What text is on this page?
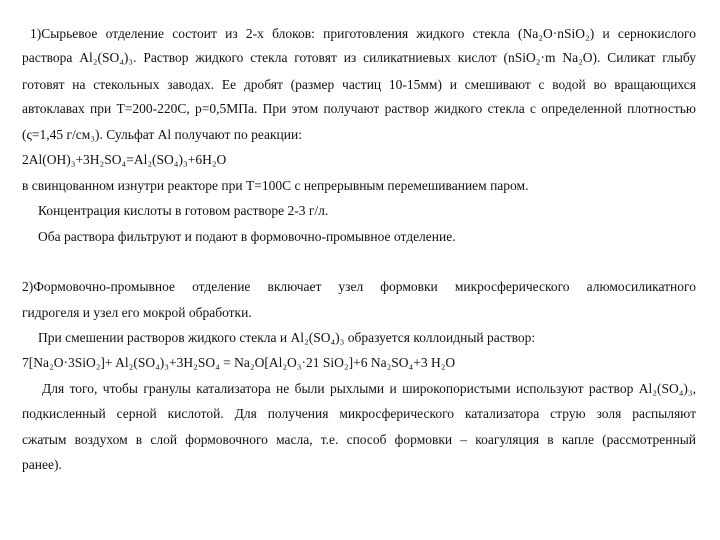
1)Сырьевое отделение состоит из 2-х блоков: приготовления жидкого стекла (Na₂O·nSiO₂) и сернокислого
раствора Al₂(SO₄)₃. Раствор жидкого стекла готовят из силикатниевых кислот (nSiO₂·m Na₂O). Силикат глыбу
готовят на стекольных заводах. Ее дробят (размер частиц 10-15мм) и смешивают с водой во вращающихся
автоклавах при Т=200-220С, р=0,5МПа. При этом получают раствор жидкого стекла с определенной плотностью
(ς=1,45 г/см₃). Сульфат Al получают по реакции:
2Al(OH)₃+3H₂SO₄=Al₂(SO₄)₃+6H₂O
в свинцованном изнутри реакторе при Т=100С с непрерывным перемешиванием паром.
Концентрация кислоты в готовом растворе 2-3 г/л.
Оба раствора фильтруют и подают в формовочно-промывное отделение.
2)Формовочно-промывное отделение включает узел формовки микросферического алюмосиликатного
гидрогеля и узел его мокрой обработки.
При смешении растворов жидкого стекла и Al₂(SO₄)₃ образуется коллоидный раствор:
7[Na₂O·3SiO₂]+ Al₂(SO₄)₃+3H₂SO₄ = Na₂O[Al₂O₃·21 SiO₂]+6 Na₂SO₄+3 H₂O
Для того, чтобы гранулы катализатора не были рыхлыми и широкопористыми используют раствор Al₂(SO₄)₃,
подкисленный серной кислотой. Для получения микросферического катализатора струю золя распыляют
сжатым воздухом в слой формовочного масла, т.е. способ формовки – коагуляция в капле (рассмотренный
ранее).
